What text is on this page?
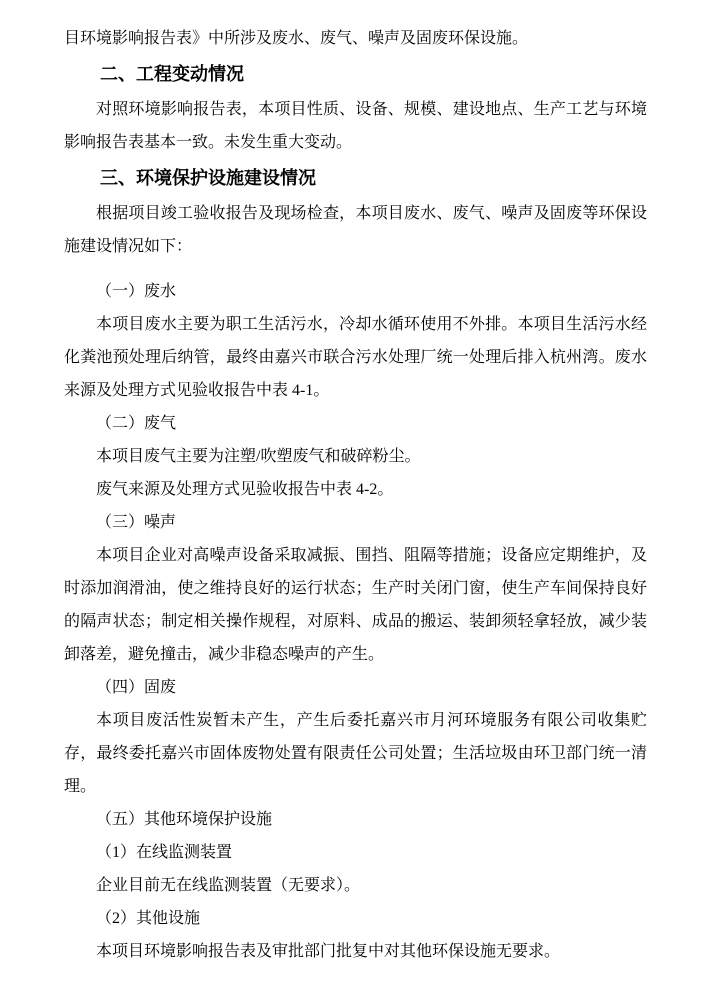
目环境影响报告表》中所涉及废水、废气、噪声及固废环保设施。

二、工程变动情况

对照环境影响报告表，本项目性质、设备、规模、建设地点、生产工艺与环境影响报告表基本一致。未发生重大变动。

三、环境保护设施建设情况

根据项目竣工验收报告及现场检查，本项目废水、废气、噪声及固废等环保设施建设情况如下：

（一）废水

本项目废水主要为职工生活污水，冷却水循环使用不外排。本项目生活污水经化粪池预处理后纳管，最终由嘉兴市联合污水处理厂统一处理后排入杭州湾。废水来源及处理方式见验收报告中表 4-1。

（二）废气

本项目废气主要为注塑/吹塑废气和破碎粉尘。

废气来源及处理方式见验收报告中表 4-2。

（三）噪声

本项目企业对高噪声设备采取减振、围挡、阻隔等措施；设备应定期维护，及时添加润滑油，使之维持良好的运行状态；生产时关闭门窗，使生产车间保持良好的隔声状态；制定相关操作规程，对原料、成品的搬运、装卸须轻拿轻放，减少装卸落差，避免撞击，减少非稳态噪声的产生。

（四）固废

本项目废活性炭暂未产生，产生后委托嘉兴市月河环境服务有限公司收集贮存，最终委托嘉兴市固体废物处置有限责任公司处置；生活垃圾由环卫部门统一清理。

（五）其他环境保护设施

（1）在线监测装置

企业目前无在线监测装置（无要求）。

（2）其他设施

本项目环境影响报告表及审批部门批复中对其他环保设施无要求。
